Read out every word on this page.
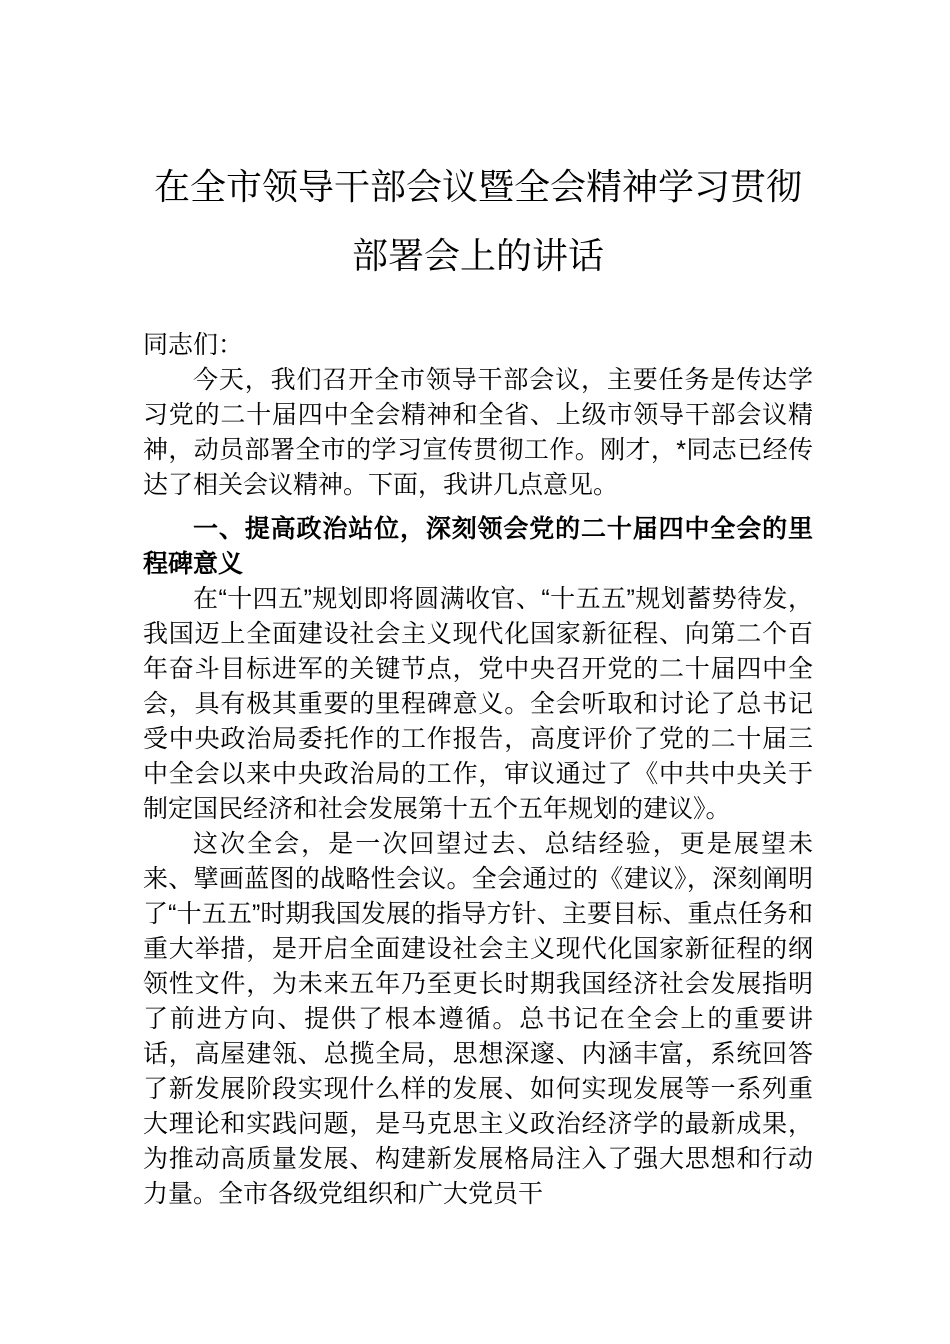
在全市领导干部会议暨全会精神学习贯彻部署会上的讲话

同志们：

今天，我们召开全市领导干部会议，主要任务是传达学习党的二十届四中全会精神和全省、上级市领导干部会议精神，动员部署全市的学习宣传贯彻工作。刚才，*同志已经传达了相关会议精神。下面，我讲几点意见。

一、提高政治站位，深刻领会党的二十届四中全会的里程碑意义

在“十四五”规划即将圆满收官、“十五五”规划蓄势待发，我国迈上全面建设社会主义现代化国家新征程、向第二个百年奋斗目标进军的关键节点，党中央召开党的二十届四中全会，具有极其重要的里程碑意义。全会听取和讨论了总书记受中央政治局委托作的工作报告，高度评价了党的二十届三中全会以来中央政治局的工作，审议通过了《中共中央关于制定国民经济和社会发展第十五个五年规划的建议》。

这次全会，是一次回望过去、总结经验，更是展望未来、擘画蓝图的战略性会议。全会通过的《建议》，深刻阐明了“十五五”时期我国发展的指导方针、主要目标、重点任务和重大举措，是开启全面建设社会主义现代化国家新征程的纲领性文件，为未来五年乃至更长时期我国经济社会发展指明了前进方向、提供了根本遵循。总书记在全会上的重要讲话，高屋建瓴、总揽全局，思想深邃、内涵丰富，系统回答了新发展阶段实现什么样的发展、如何实现发展等一系列重大理论和实践问题，是马克思主义政治经济学的最新成果，为推动高质量发展、构建新发展格局注入了强大思想和行动力量。全市各级党组织和广大党员干
